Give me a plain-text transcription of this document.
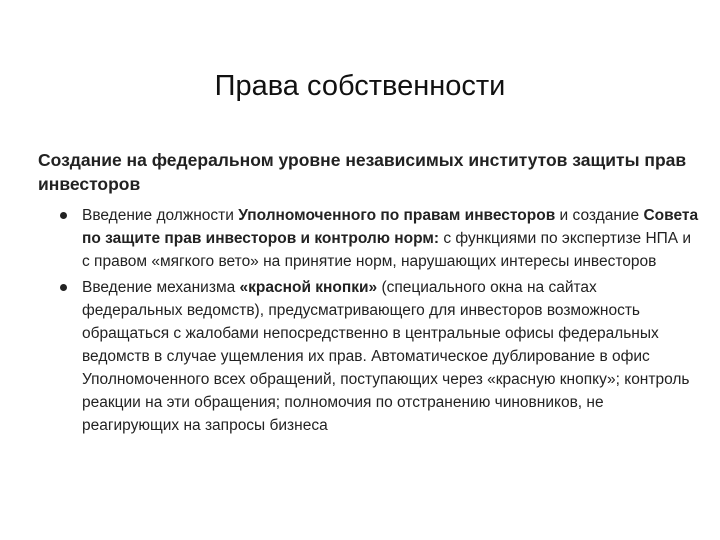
Права собственности
Создание на федеральном уровне независимых институтов защиты прав инвесторов
Введение должности Уполномоченного по правам инвесторов и создание Совета по защите прав инвесторов и контролю норм: с функциями по экспертизе НПА и с правом «мягкого вето» на принятие норм, нарушающих интересы инвесторов
Введение механизма «красной кнопки» (специального окна на сайтах федеральных ведомств), предусматривающего для инвесторов возможность обращаться с жалобами непосредственно в центральные офисы федеральных ведомств в случае ущемления их прав. Автоматическое дублирование в офис Уполномоченного всех обращений, поступающих через «красную кнопку»; контроль реакции на эти обращения; полномочия по отстранению чиновников, не реагирующих на запросы бизнеса
